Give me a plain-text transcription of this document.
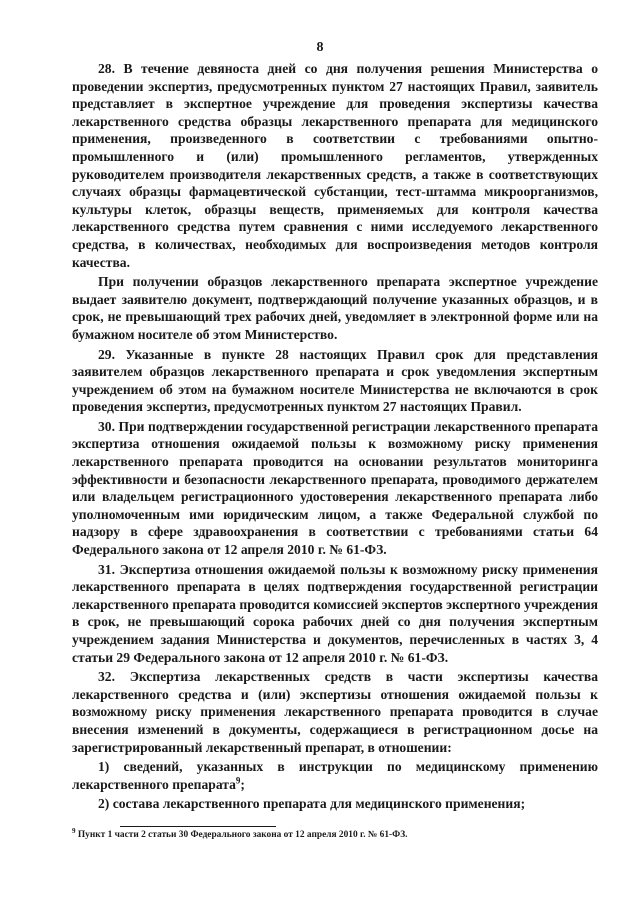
8

28. В течение девяноста дней со дня получения решения Министерства о проведении экспертиз, предусмотренных пунктом 27 настоящих Правил, заявитель представляет в экспертное учреждение для проведения экспертизы качества лекарственного средства образцы лекарственного препарата для медицинского применения, произведенного в соответствии с требованиями опытно-промышленного и (или) промышленного регламентов, утвержденных руководителем производителя лекарственных средств, а также в соответствующих случаях образцы фармацевтической субстанции, тест-штамма микроорганизмов, культуры клеток, образцы веществ, применяемых для контроля качества лекарственного средства путем сравнения с ними исследуемого лекарственного средства, в количествах, необходимых для воспроизведения методов контроля качества.

При получении образцов лекарственного препарата экспертное учреждение выдает заявителю документ, подтверждающий получение указанных образцов, и в срок, не превышающий трех рабочих дней, уведомляет в электронной форме или на бумажном носителе об этом Министерство.

29. Указанные в пункте 28 настоящих Правил срок для представления заявителем образцов лекарственного препарата и срок уведомления экспертным учреждением об этом на бумажном носителе Министерства не включаются в срок проведения экспертиз, предусмотренных пунктом 27 настоящих Правил.

30. При подтверждении государственной регистрации лекарственного препарата экспертиза отношения ожидаемой пользы к возможному риску применения лекарственного препарата проводится на основании результатов мониторинга эффективности и безопасности лекарственного препарата, проводимого держателем или владельцем регистрационного удостоверения лекарственного препарата либо уполномоченным ими юридическим лицом, а также Федеральной службой по надзору в сфере здравоохранения в соответствии с требованиями статьи 64 Федерального закона от 12 апреля 2010 г. № 61-ФЗ.

31. Экспертиза отношения ожидаемой пользы к возможному риску применения лекарственного препарата в целях подтверждения государственной регистрации лекарственного препарата проводится комиссией экспертов экспертного учреждения в срок, не превышающий сорока рабочих дней со дня получения экспертным учреждением задания Министерства и документов, перечисленных в частях 3, 4 статьи 29 Федерального закона от 12 апреля 2010 г. № 61-ФЗ.

32. Экспертиза лекарственных средств в части экспертизы качества лекарственного средства и (или) экспертизы отношения ожидаемой пользы к возможному риску применения лекарственного препарата проводится в случае внесения изменений в документы, содержащиеся в регистрационном досье на зарегистрированный лекарственный препарат, в отношении:

1) сведений, указанных в инструкции по медицинскому применению лекарственного препарата$^9$;

2) состава лекарственного препарата для медицинского применения;

$^9$ Пункт 1 части 2 статьи 30 Федерального закона от 12 апреля 2010 г. № 61-ФЗ.
